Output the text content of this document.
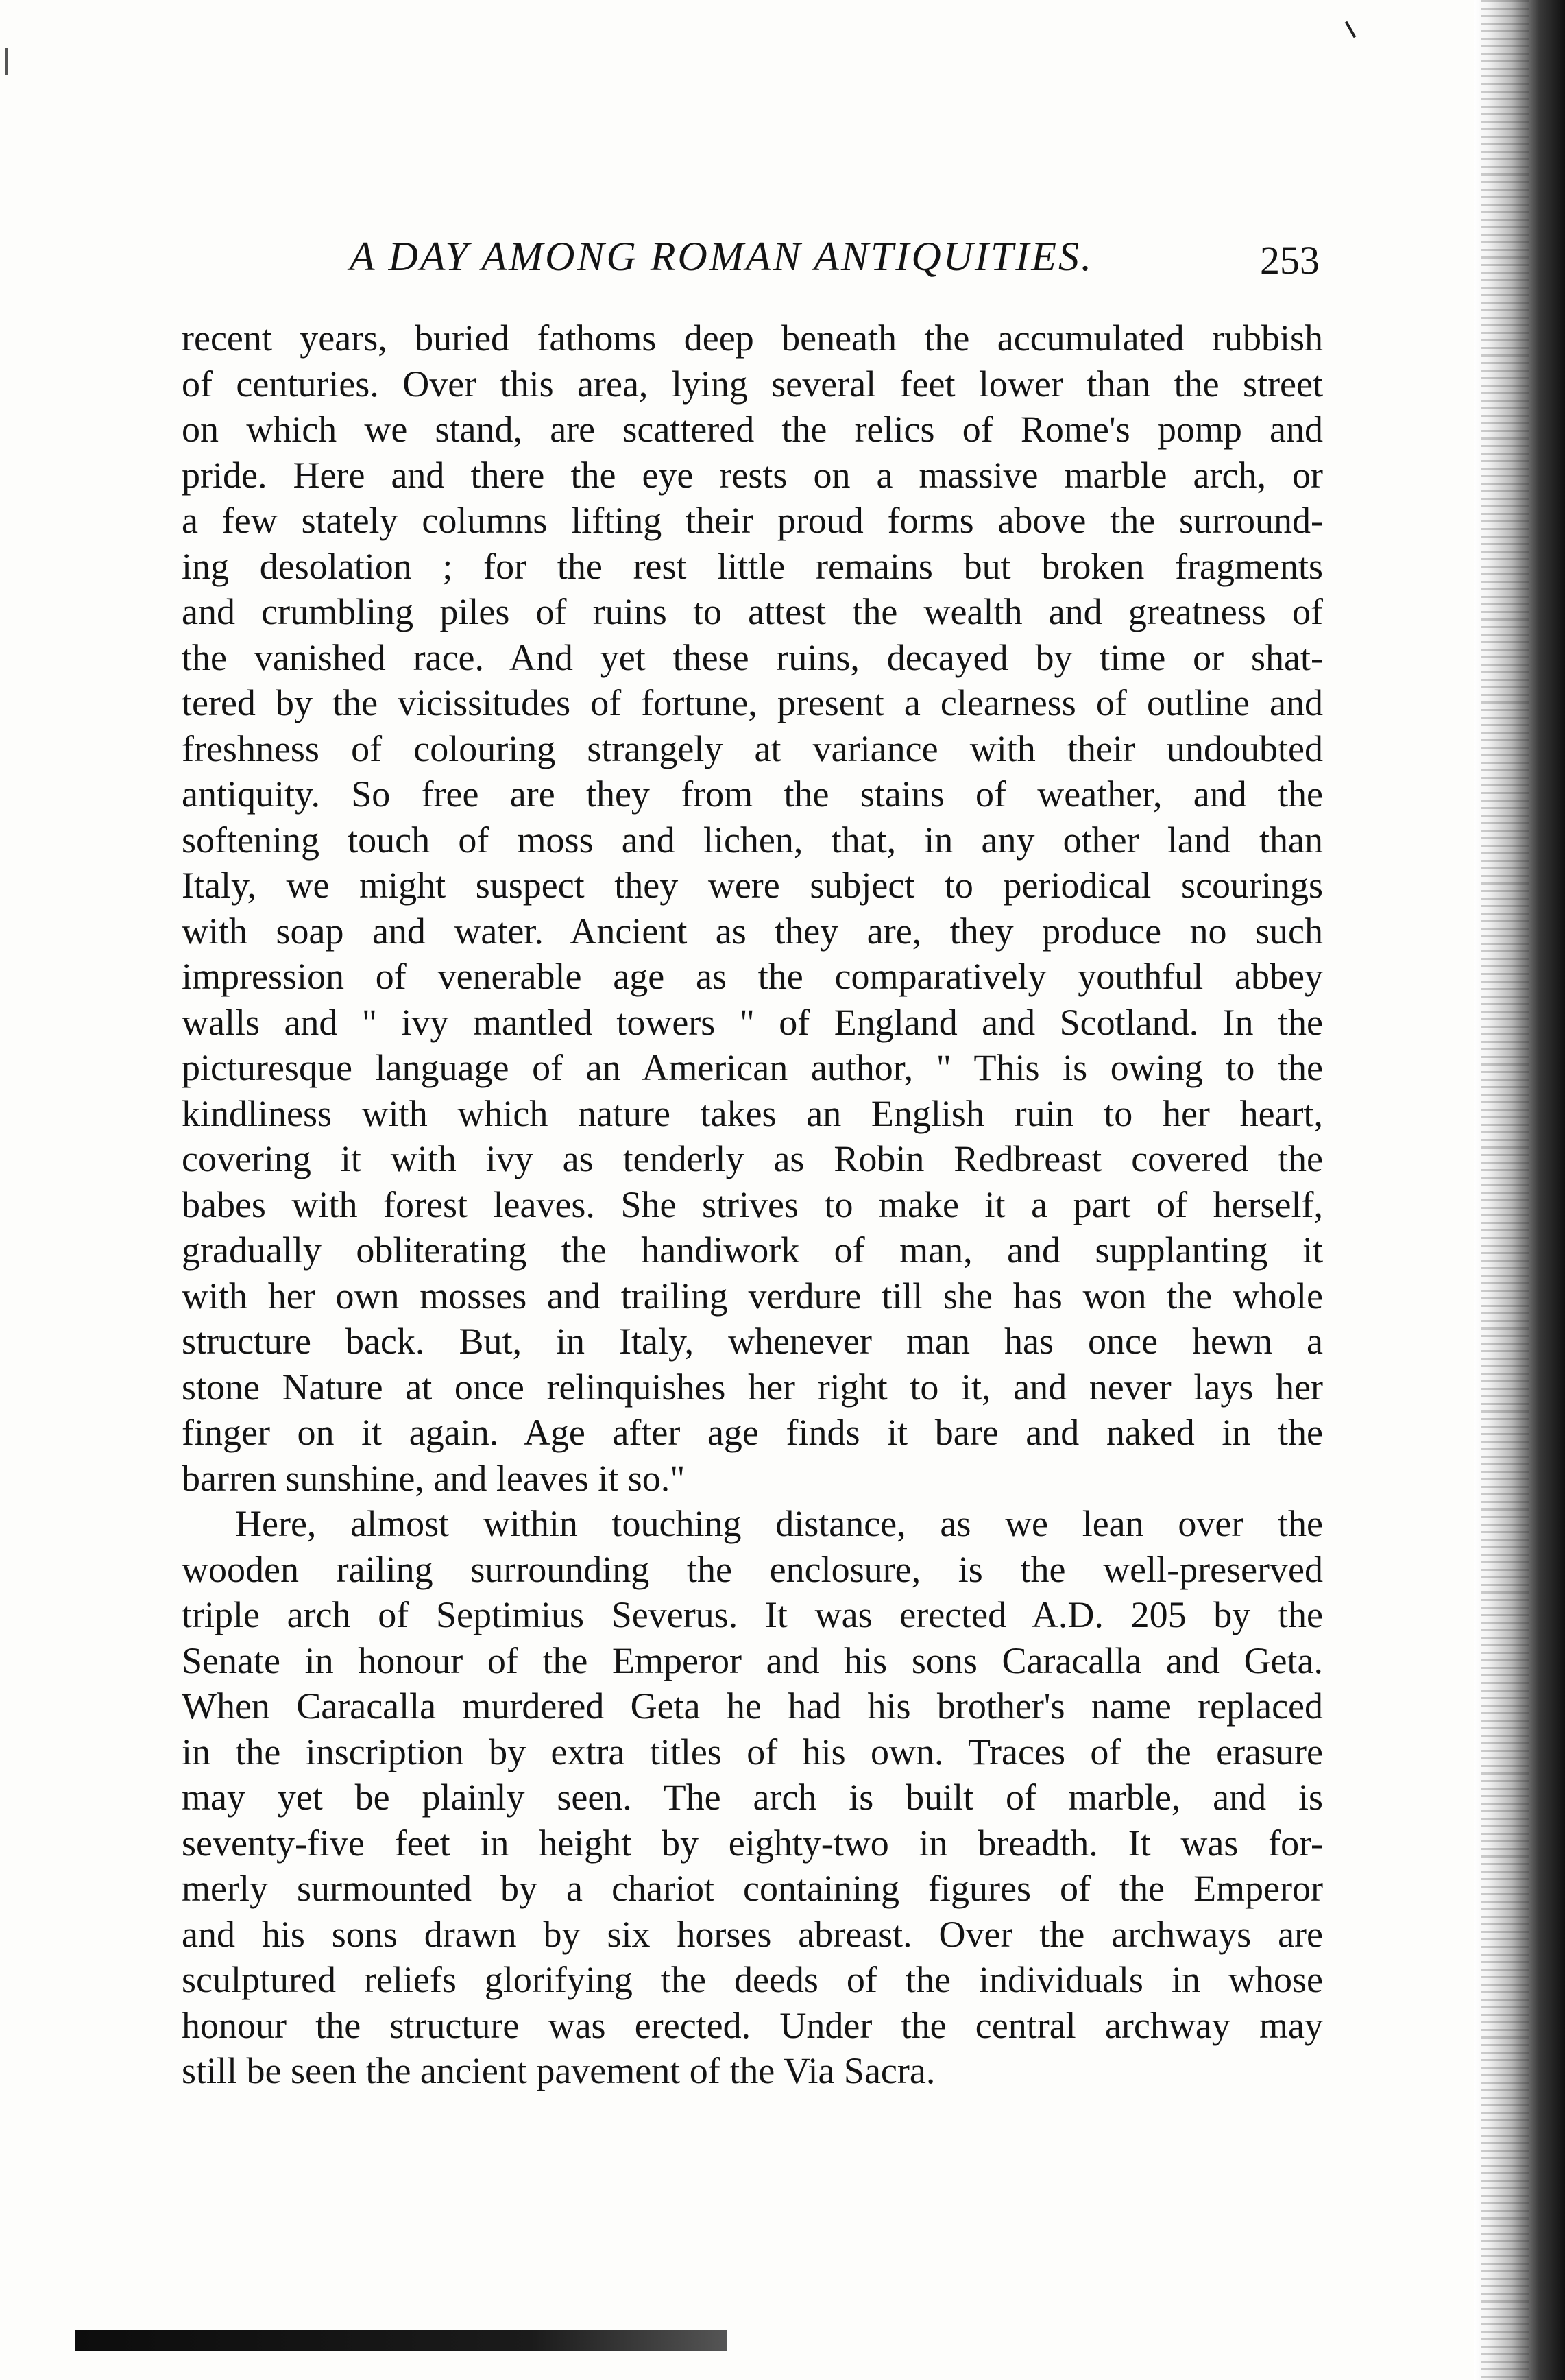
A DAY AMONG ROMAN ANTIQUITIES.	253
recent years, buried fathoms deep beneath the accumulated rubbish
of centuries. Over this area, lying several feet lower than the street
on which we stand, are scattered the relics of Rome's pomp and
pride. Here and there the eye rests on a massive marble arch, or
a few stately columns lifting their proud forms above the surround-
ing desolation ; for the rest little remains but broken fragments
and crumbling piles of ruins to attest the wealth and greatness of
the vanished race. And yet these ruins, decayed by time or shat-
tered by the vicissitudes of fortune, present a clearness of outline and
freshness of colouring strangely at variance with their undoubted
antiquity. So free are they from the stains of weather, and the
softening touch of moss and lichen, that, in any other land than
Italy, we might suspect they were subject to periodical scourings
with soap and water. Ancient as they are, they produce no such
impression of venerable age as the comparatively youthful abbey
walls and " ivy mantled towers " of England and Scotland. In the
picturesque language of an American author, " This is owing to the
kindliness with which nature takes an English ruin to her heart,
covering it with ivy as tenderly as Robin Redbreast covered the
babes with forest leaves. She strives to make it a part of herself,
gradually obliterating the handiwork of man, and supplanting it
with her own mosses and trailing verdure till she has won the whole
structure back. But, in Italy, whenever man has once hewn a
stone Nature at once relinquishes her right to it, and never lays her
finger on it again. Age after age finds it bare and naked in the
barren sunshine, and leaves it so."
Here, almost within touching distance, as we lean over the
wooden railing surrounding the enclosure, is the well-preserved
triple arch of Septimius Severus. It was erected A.D. 205 by the
Senate in honour of the Emperor and his sons Caracalla and Geta.
When Caracalla murdered Geta he had his brother's name replaced
in the inscription by extra titles of his own. Traces of the erasure
may yet be plainly seen. The arch is built of marble, and is
seventy-five feet in height by eighty-two in breadth. It was for-
merly surmounted by a chariot containing figures of the Emperor
and his sons drawn by six horses abreast. Over the archways are
sculptured reliefs glorifying the deeds of the individuals in whose
honour the structure was erected. Under the central archway may
still be seen the ancient pavement of the Via Sacra.
